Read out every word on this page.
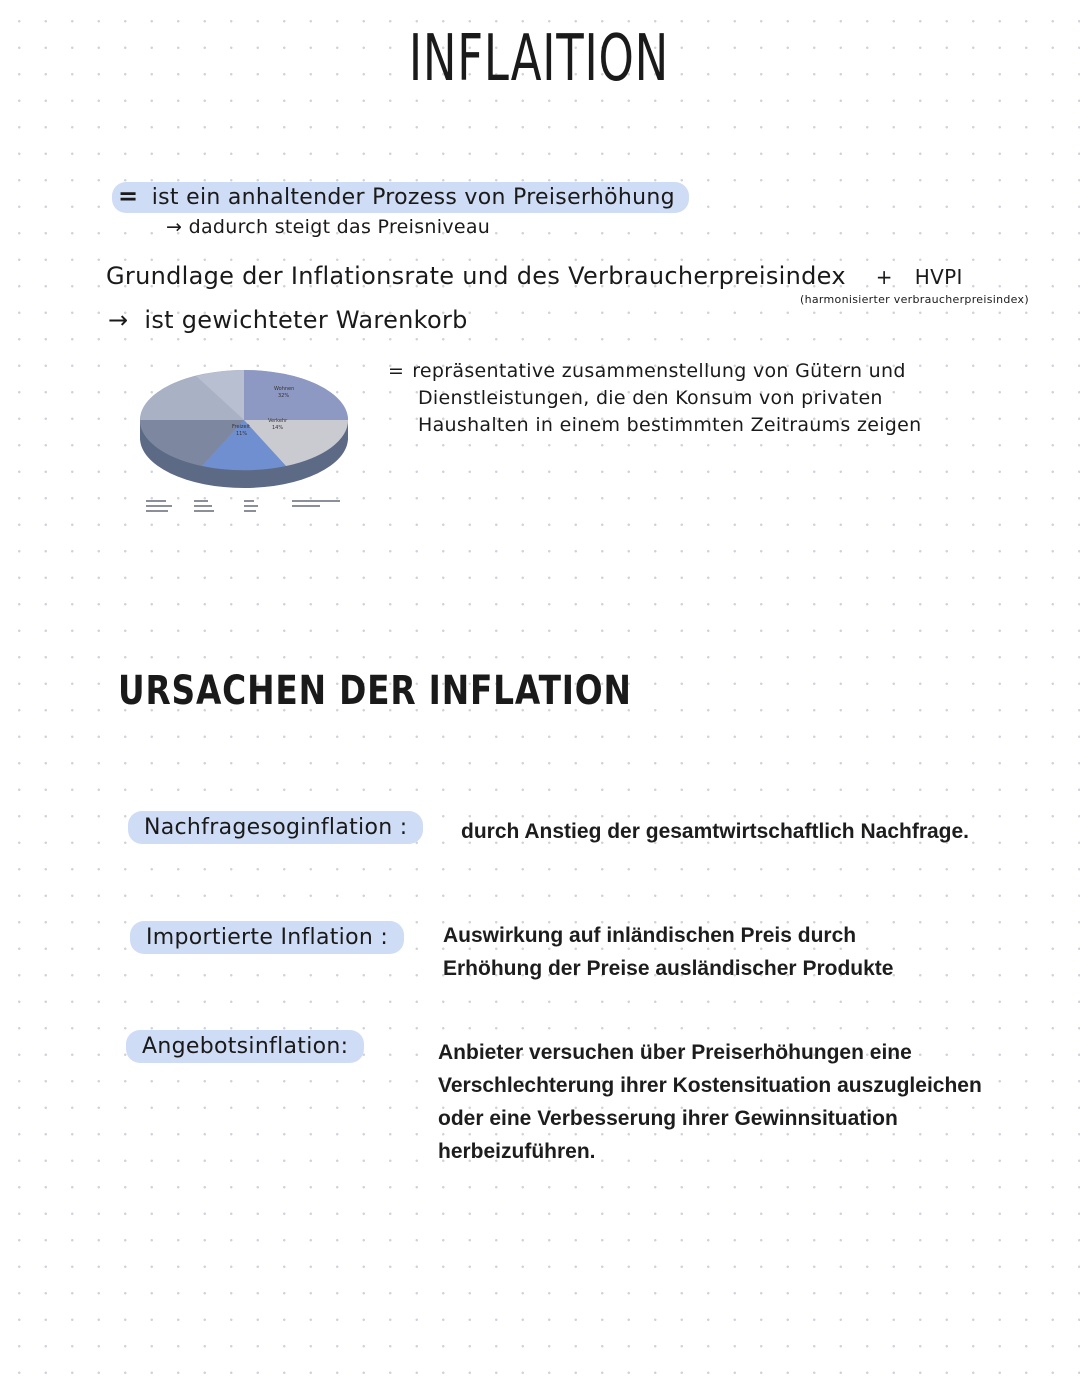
INFLAITION
= ist ein anhaltender Prozess von Preiserhöhung
→ dadurch steigt das Preisniveau
Grundlage der Inflationsrate und des Verbraucherpreisindex + HVPI
(harmonisierter verbraucherpreisindex)
→ ist gewichteter Warenkorb
Wohnen
32%
Verkehr
14%
Freizeit
11%
= repräsentative zusammenstellung von Gütern und
Dienstleistungen, die den Konsum von privaten
Haushalten in einem bestimmten Zeitraums zeigen
URSACHEN DER INFLATION
Nachfragesoginflation :	durch Anstieg der gesamtwirtschaftlich Nachfrage.
Importierte Inflation :	Auswirkung auf inländischen Preis durch
Erhöhung der Preise ausländischer Produkte
Angebotsinflation:	Anbieter versuchen über Preiserhöhungen eine
Verschlechterung ihrer Kostensituation auszugleichen
oder eine Verbesserung ihrer Gewinnsituation
herbeizuführen.
